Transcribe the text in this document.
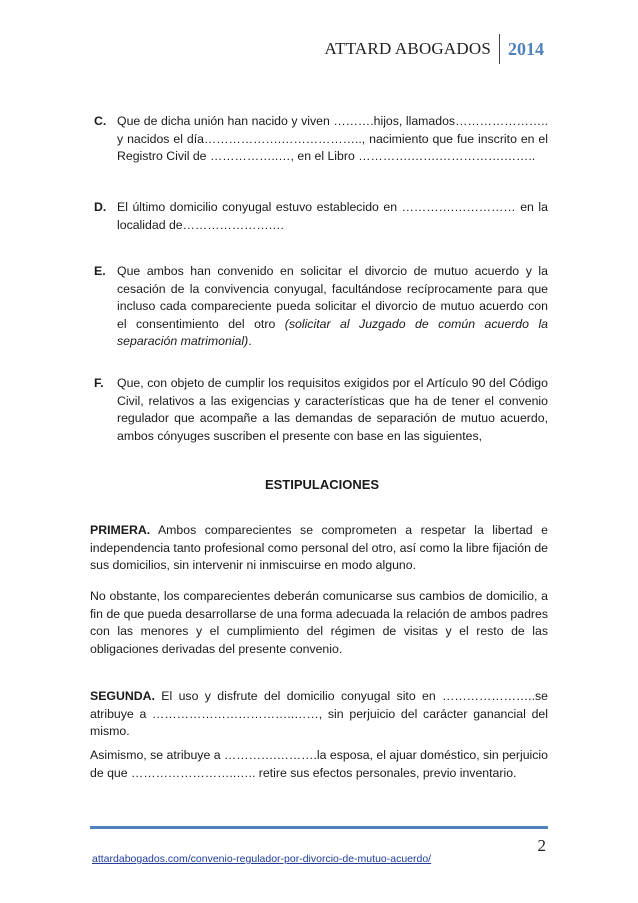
ATTARD ABOGADOS 2014
C. Que de dicha unión han nacido y viven ……….hijos, llamados………………….. y nacidos el día……………….……………….., nacimiento que fue inscrito en el Registro Civil de ……………..…, en el Libro ………….…….…………….……..
D. El último domicilio conyugal estuvo establecido en ………….…………… en la localidad de………………….…
E. Que ambos han convenido en solicitar el divorcio de mutuo acuerdo y la cesación de la convivencia conyugal, facultándose recíprocamente para que incluso cada compareciente pueda solicitar el divorcio de mutuo acuerdo con el consentimiento del otro (solicitar al Juzgado de común acuerdo la separación matrimonial).
F. Que, con objeto de cumplir los requisitos exigidos por el Artículo 90 del Código Civil, relativos a las exigencias y características que ha de tener el convenio regulador que acompañe a las demandas de separación de mutuo acuerdo, ambos cónyuges suscriben el presente con base en las siguientes,
ESTIPULACIONES
PRIMERA. Ambos comparecientes se comprometen a respetar la libertad e independencia tanto profesional como personal del otro, así como la libre fijación de sus domicilios, sin intervenir ni inmiscuirse en modo alguno.
No obstante, los comparecientes deberán comunicarse sus cambios de domicilio, a fin de que pueda desarrollarse de una forma adecuada la relación de ambos padres con las menores y el cumplimiento del régimen de visitas y el resto de las obligaciones derivadas del presente convenio.
SEGUNDA. El uso y disfrute del domicilio conyugal sito en …………………..se atribuye a ……………………………..……, sin perjuicio del carácter ganancial del mismo.
Asimismo, se atribuye a ………….……….la esposa, el ajuar doméstico, sin perjuicio de que ……………………..….. retire sus efectos personales, previo inventario.
2
attardabogados.com/convenio-regulador-por-divorcio-de-mutuo-acuerdo/
